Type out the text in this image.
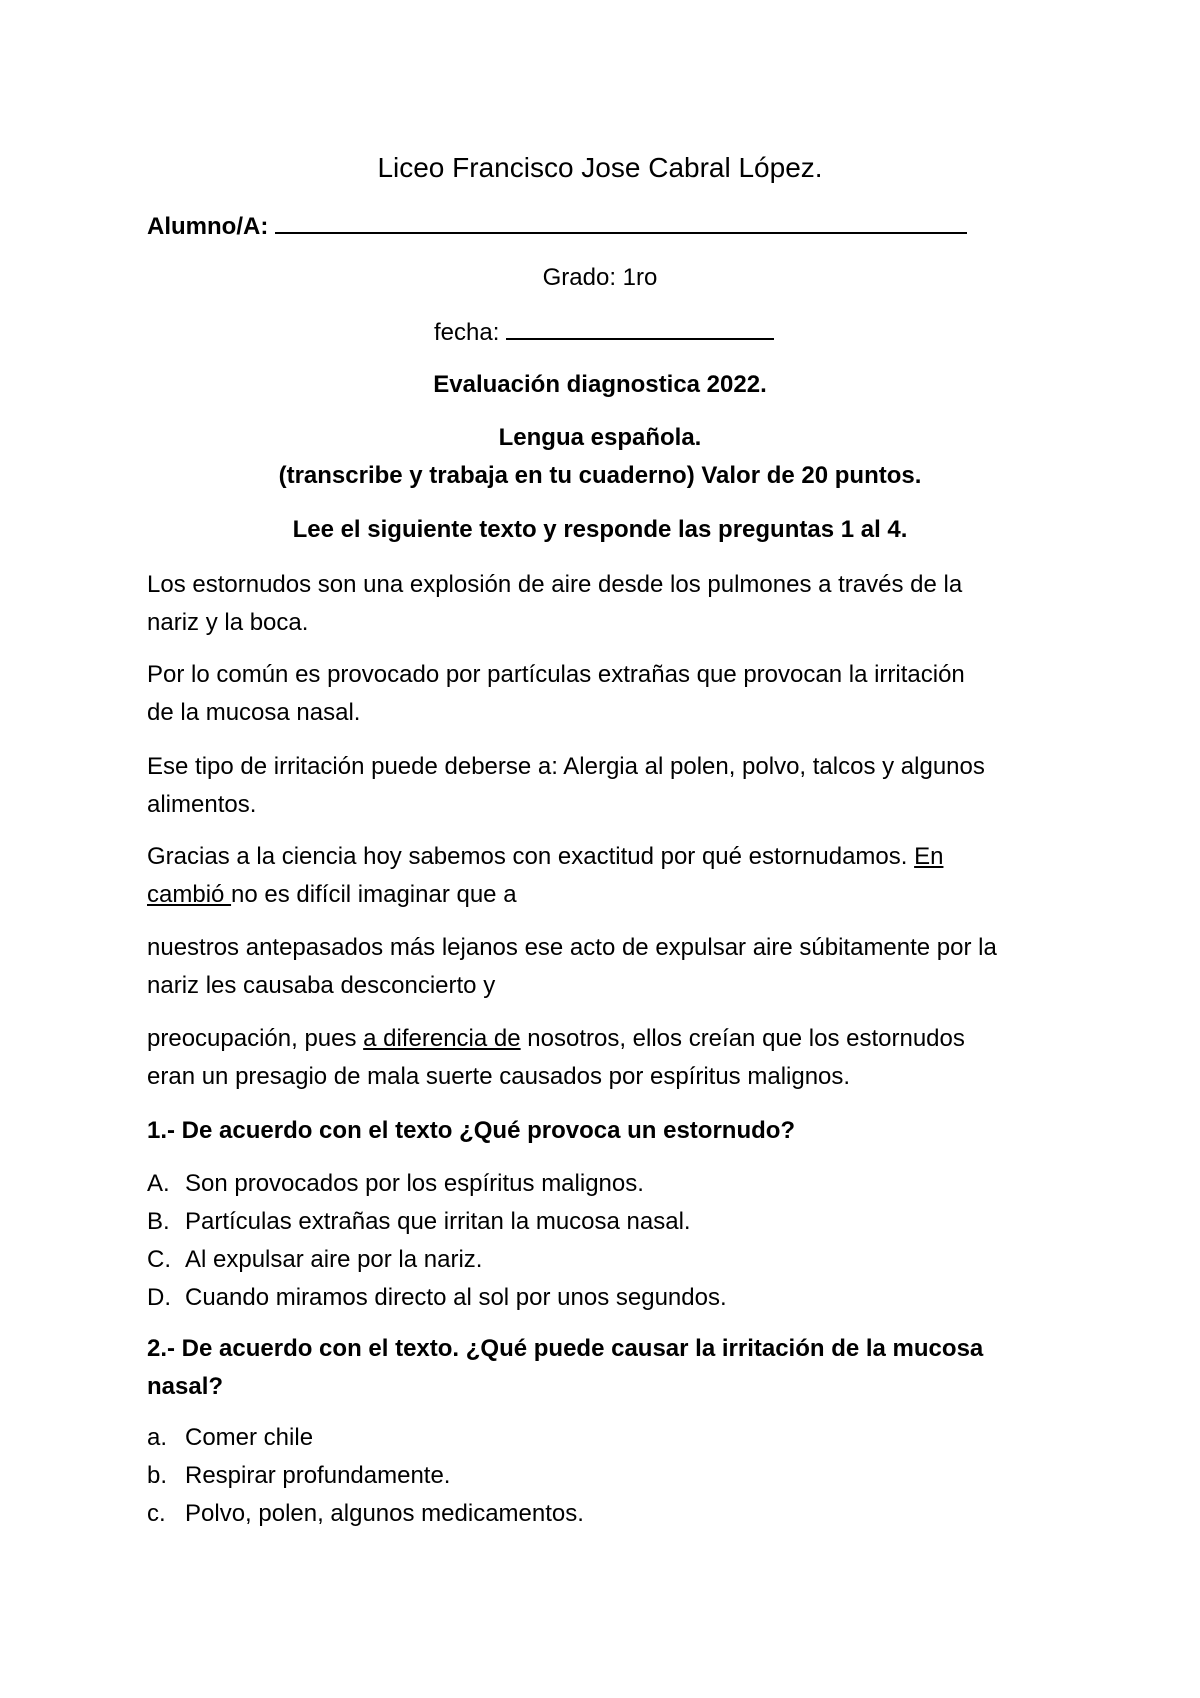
Liceo Francisco Jose Cabral López.
Alumno/A:
Grado: 1ro
fecha:
Evaluación diagnostica 2022.
Lengua española.
(transcribe y trabaja en tu cuaderno) Valor de 20 puntos.
Lee el siguiente texto y responde las preguntas 1 al 4.
Los estornudos son una explosión de aire desde los pulmones a través de la
nariz y la boca.
Por lo común es provocado por partículas extrañas que provocan la irritación
de la mucosa nasal.
Ese tipo de irritación puede deberse a: Alergia al polen, polvo, talcos y algunos
alimentos.
Gracias a la ciencia hoy sabemos con exactitud por qué estornudamos. En
cambió no es difícil imaginar que a
nuestros antepasados más lejanos ese acto de expulsar aire súbitamente por la
nariz les causaba desconcierto y
preocupación, pues a diferencia de nosotros, ellos creían que los estornudos
eran un presagio de mala suerte causados por espíritus malignos.
1.- De acuerdo con el texto ¿Qué provoca un estornudo?
A. Son provocados por los espíritus malignos.
B. Partículas extrañas que irritan la mucosa nasal.
C. Al expulsar aire por la nariz.
D. Cuando miramos directo al sol por unos segundos.
2.- De acuerdo con el texto. ¿Qué puede causar la irritación de la mucosa
nasal?
a. Comer chile
b. Respirar profundamente.
c. Polvo, polen, algunos medicamentos.
